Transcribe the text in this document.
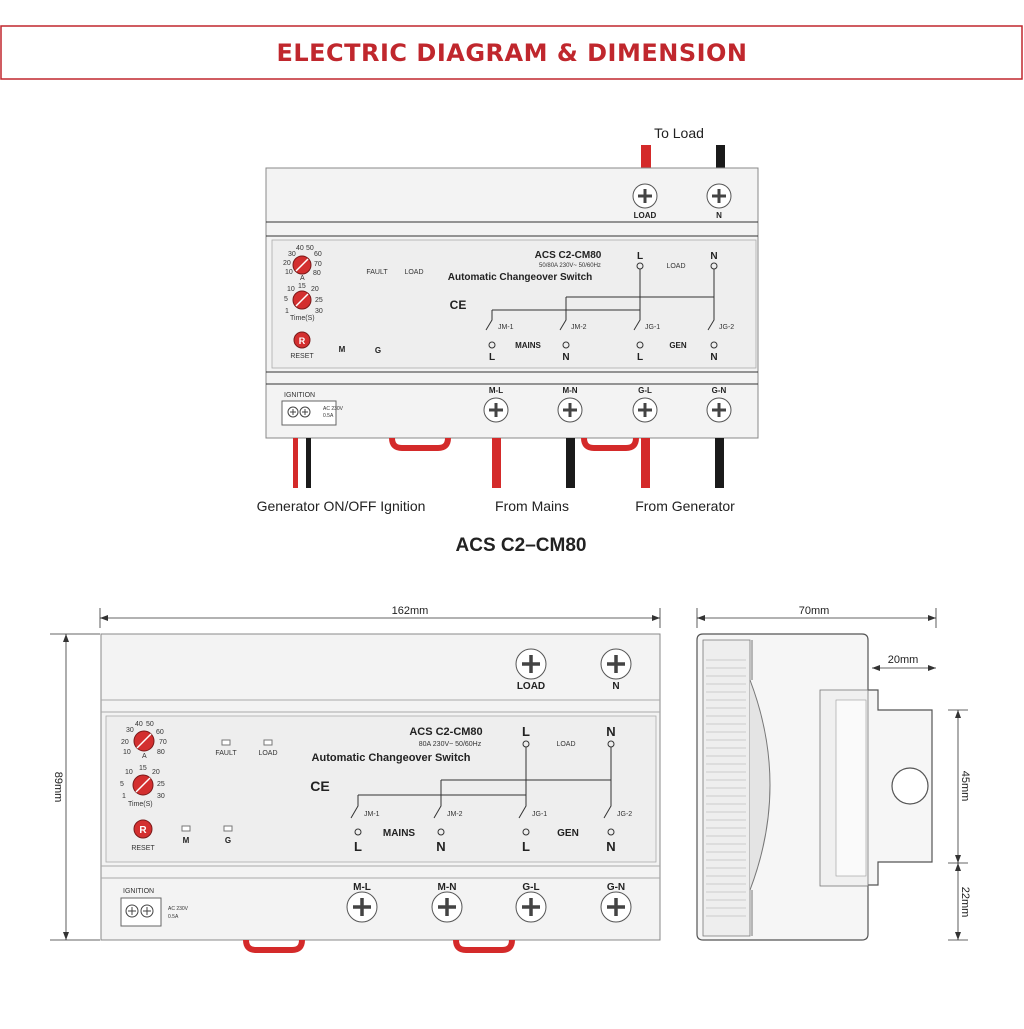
ELECTRIC DIAGRAM & DIMENSION
To Load
LOAD	N
30
40 50
60
20	70
10	80
A
10 15 20
5	25
1	30
Time(S)
R
RESET
M	G
FAULT LOAD
ACS C2-CM80
50/80A 230V~ 50/60Hz
Automatic Changeover Switch
CE
L
LOAD
N
JM-1	JM-2	JG-1	JG-2
MAINS	GEN
L	N	L	N
IGNITION
AC 230V
0.5A
M-L	M-N	G-L	G-N
Generator ON/OFF Ignition	From Mains	From Generator
ACS C2–CM80
162mm
89mm
LOAD	N
30
40 50
60
20	70
10	80
A
10
15
20
5	25
1	30
Time(S)
R
RESET
M	G
FAULT	LOAD
ACS C2-CM80
80A 230V~ 50/60Hz
Automatic Changeover Switch
CE
L
LOAD
N
JM-1	JM-2	JG-1	JG-2
MAINS	GEN
L	N	L	N
IGNITION
AC 230V
0.5A
M-L	M-N	G-L	G-N
70mm
20mm
45mm
22mm
